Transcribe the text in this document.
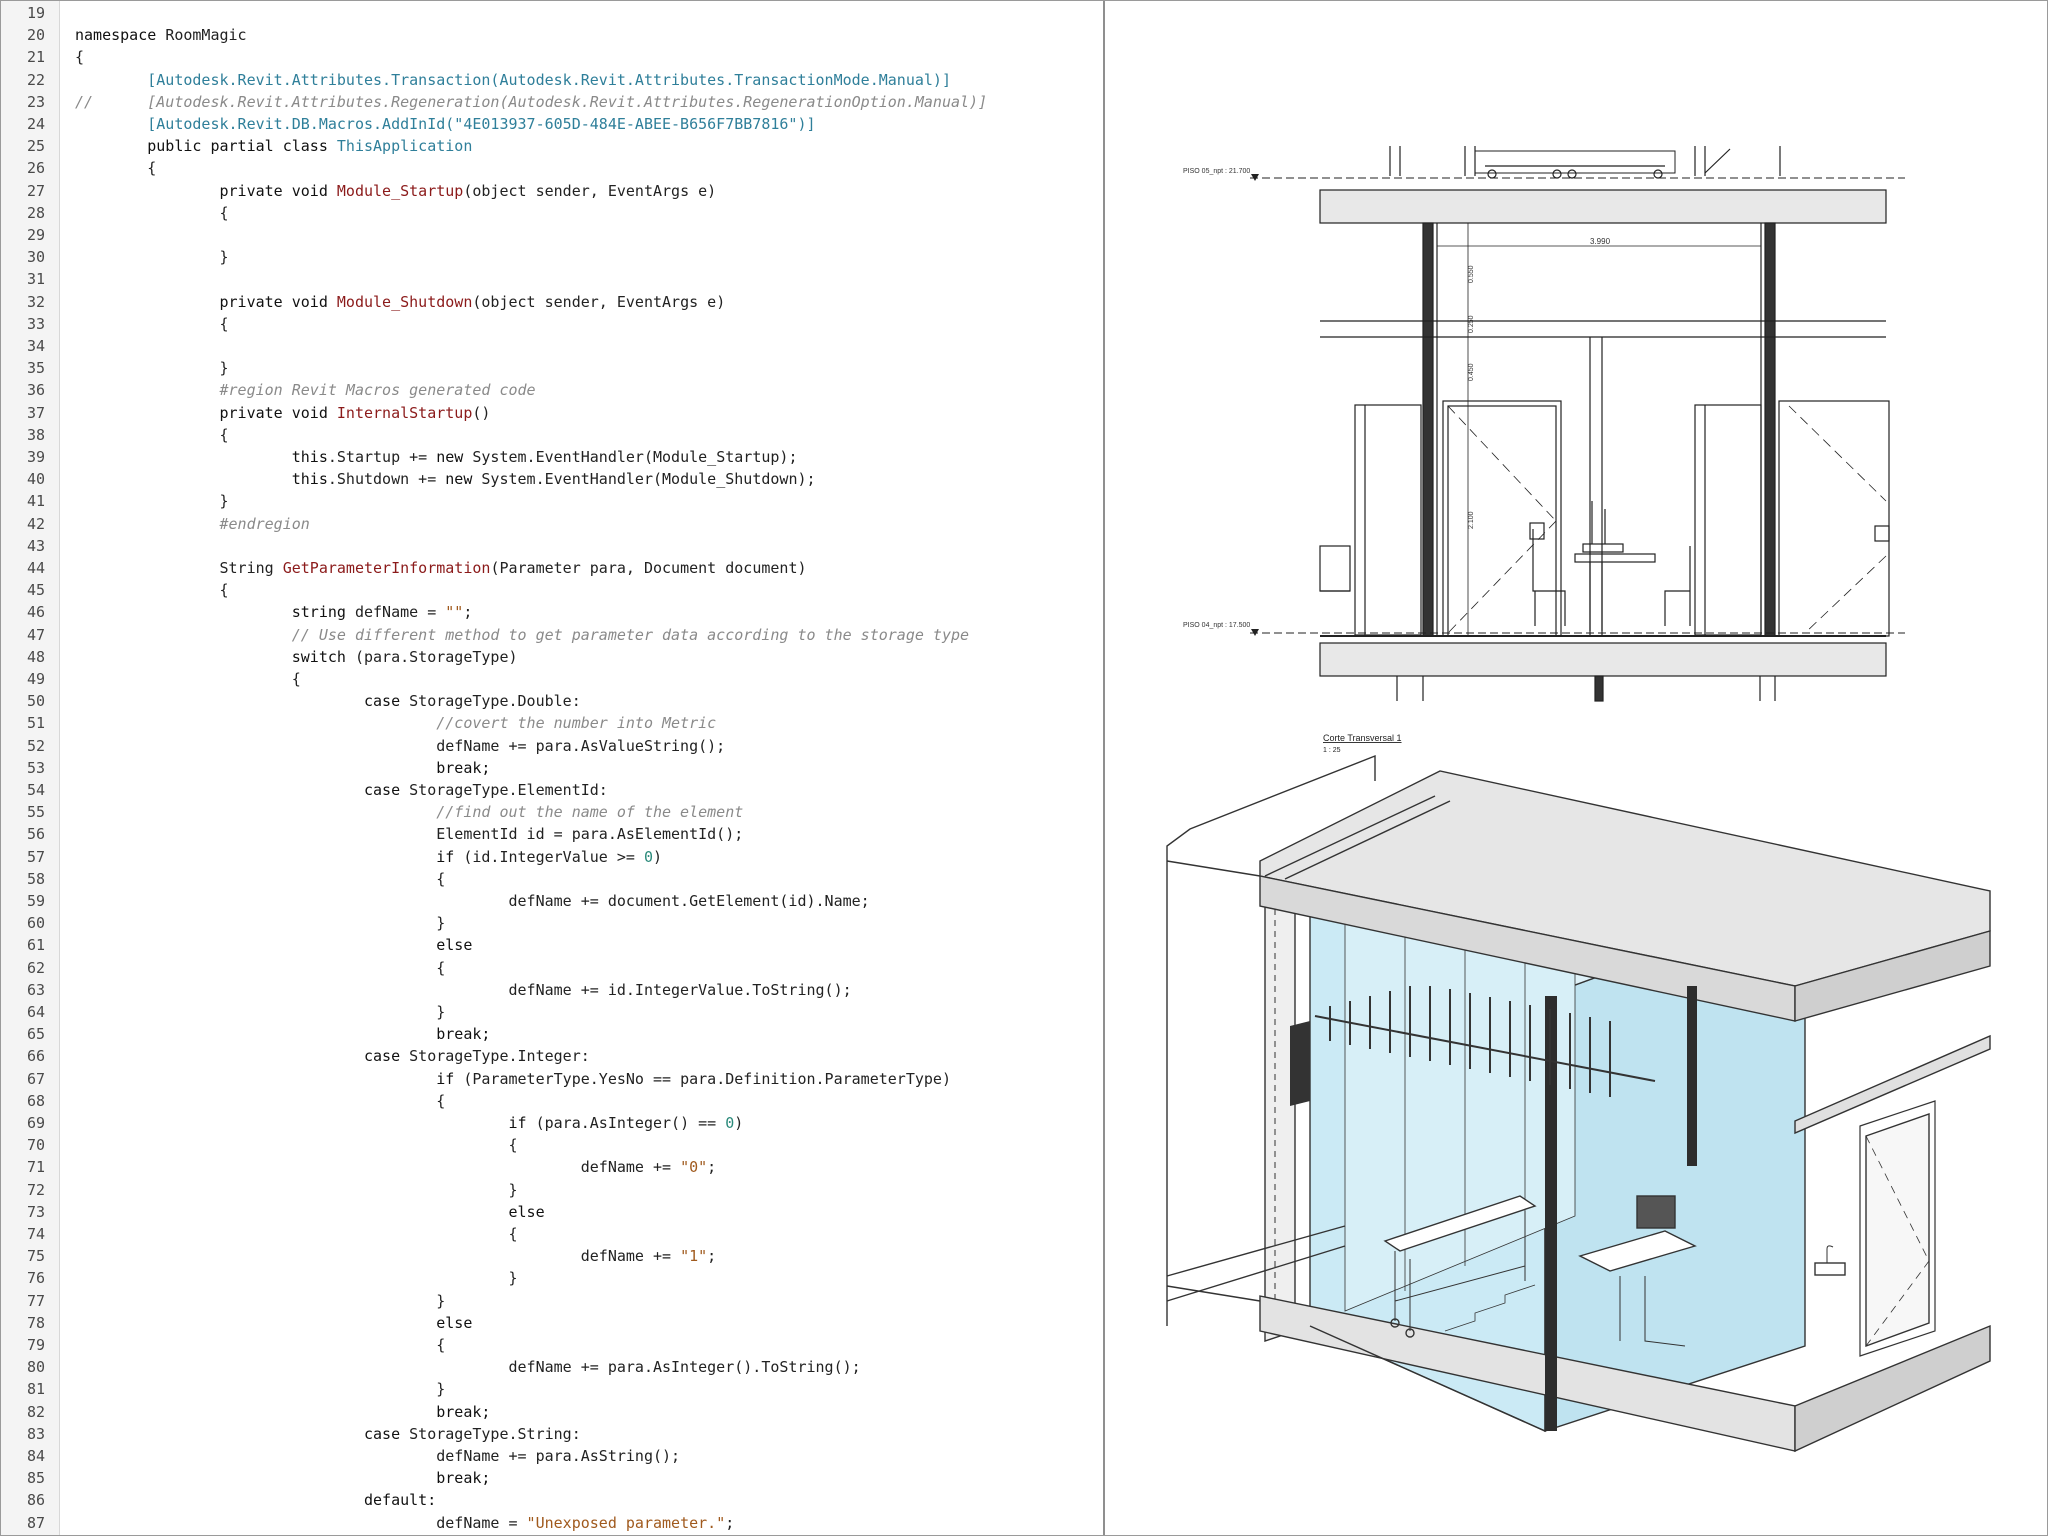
19
20 namespace RoomMagic
21 {
22 [Autodesk.Revit.Attributes.Transaction(Autodesk.Revit.Attributes.TransactionMode.Manual)]
23 //      [Autodesk.Revit.Attributes.Regeneration(Autodesk.Revit.Attributes.RegenerationOption.Manual)]
24 [Autodesk.Revit.DB.Macros.AddInId("4E013937-605D-484E-ABEE-B656F7BB7816")]
25 public partial class ThisApplication
26 {
27 private void Module_Startup(object sender, EventArgs e)
28 {
29
30 }
31
32 private void Module_Shutdown(object sender, EventArgs e)
33 {
34
35 }
36 #region Revit Macros generated code
37 private void InternalStartup()
38 {
39 this.Startup += new System.EventHandler(Module_Startup);
40 this.Shutdown += new System.EventHandler(Module_Shutdown);
41 }
42 #endregion
43
44 String GetParameterInformation(Parameter para, Document document)
45 {
46 string defName = "";
47 // Use different method to get parameter data according to the storage type
48 switch (para.StorageType)
49 {
50 case StorageType.Double:
51 //covert the number into Metric
52 defName += para.AsValueString();
53 break;
54 case StorageType.ElementId:
55 //find out the name of the element
56 ElementId id = para.AsElementId();
57 if (id.IntegerValue >= 0)
58 {
59 defName += document.GetElement(id).Name;
60 }
61 else
62 {
63 defName += id.IntegerValue.ToString();
64 }
65 break;
66 case StorageType.Integer:
67 if (ParameterType.YesNo == para.Definition.ParameterType)
68 {
69 if (para.AsInteger() == 0)
70 {
71 defName += "0";
72 }
73 else
74 {
75 defName += "1";
76 }
77 }
78 else
79 {
80 defName += para.AsInteger().ToString();
81 }
82 break;
83 case StorageType.String:
84 defName += para.AsString();
85 break;
86 default:
87 defName = "Unexposed parameter.";
PISO 05_npt : 21.700
3.990
0.550
0.250
0.450
2.100
PISO 04_npt : 17.500
Corte Transversal 1
1 : 25
